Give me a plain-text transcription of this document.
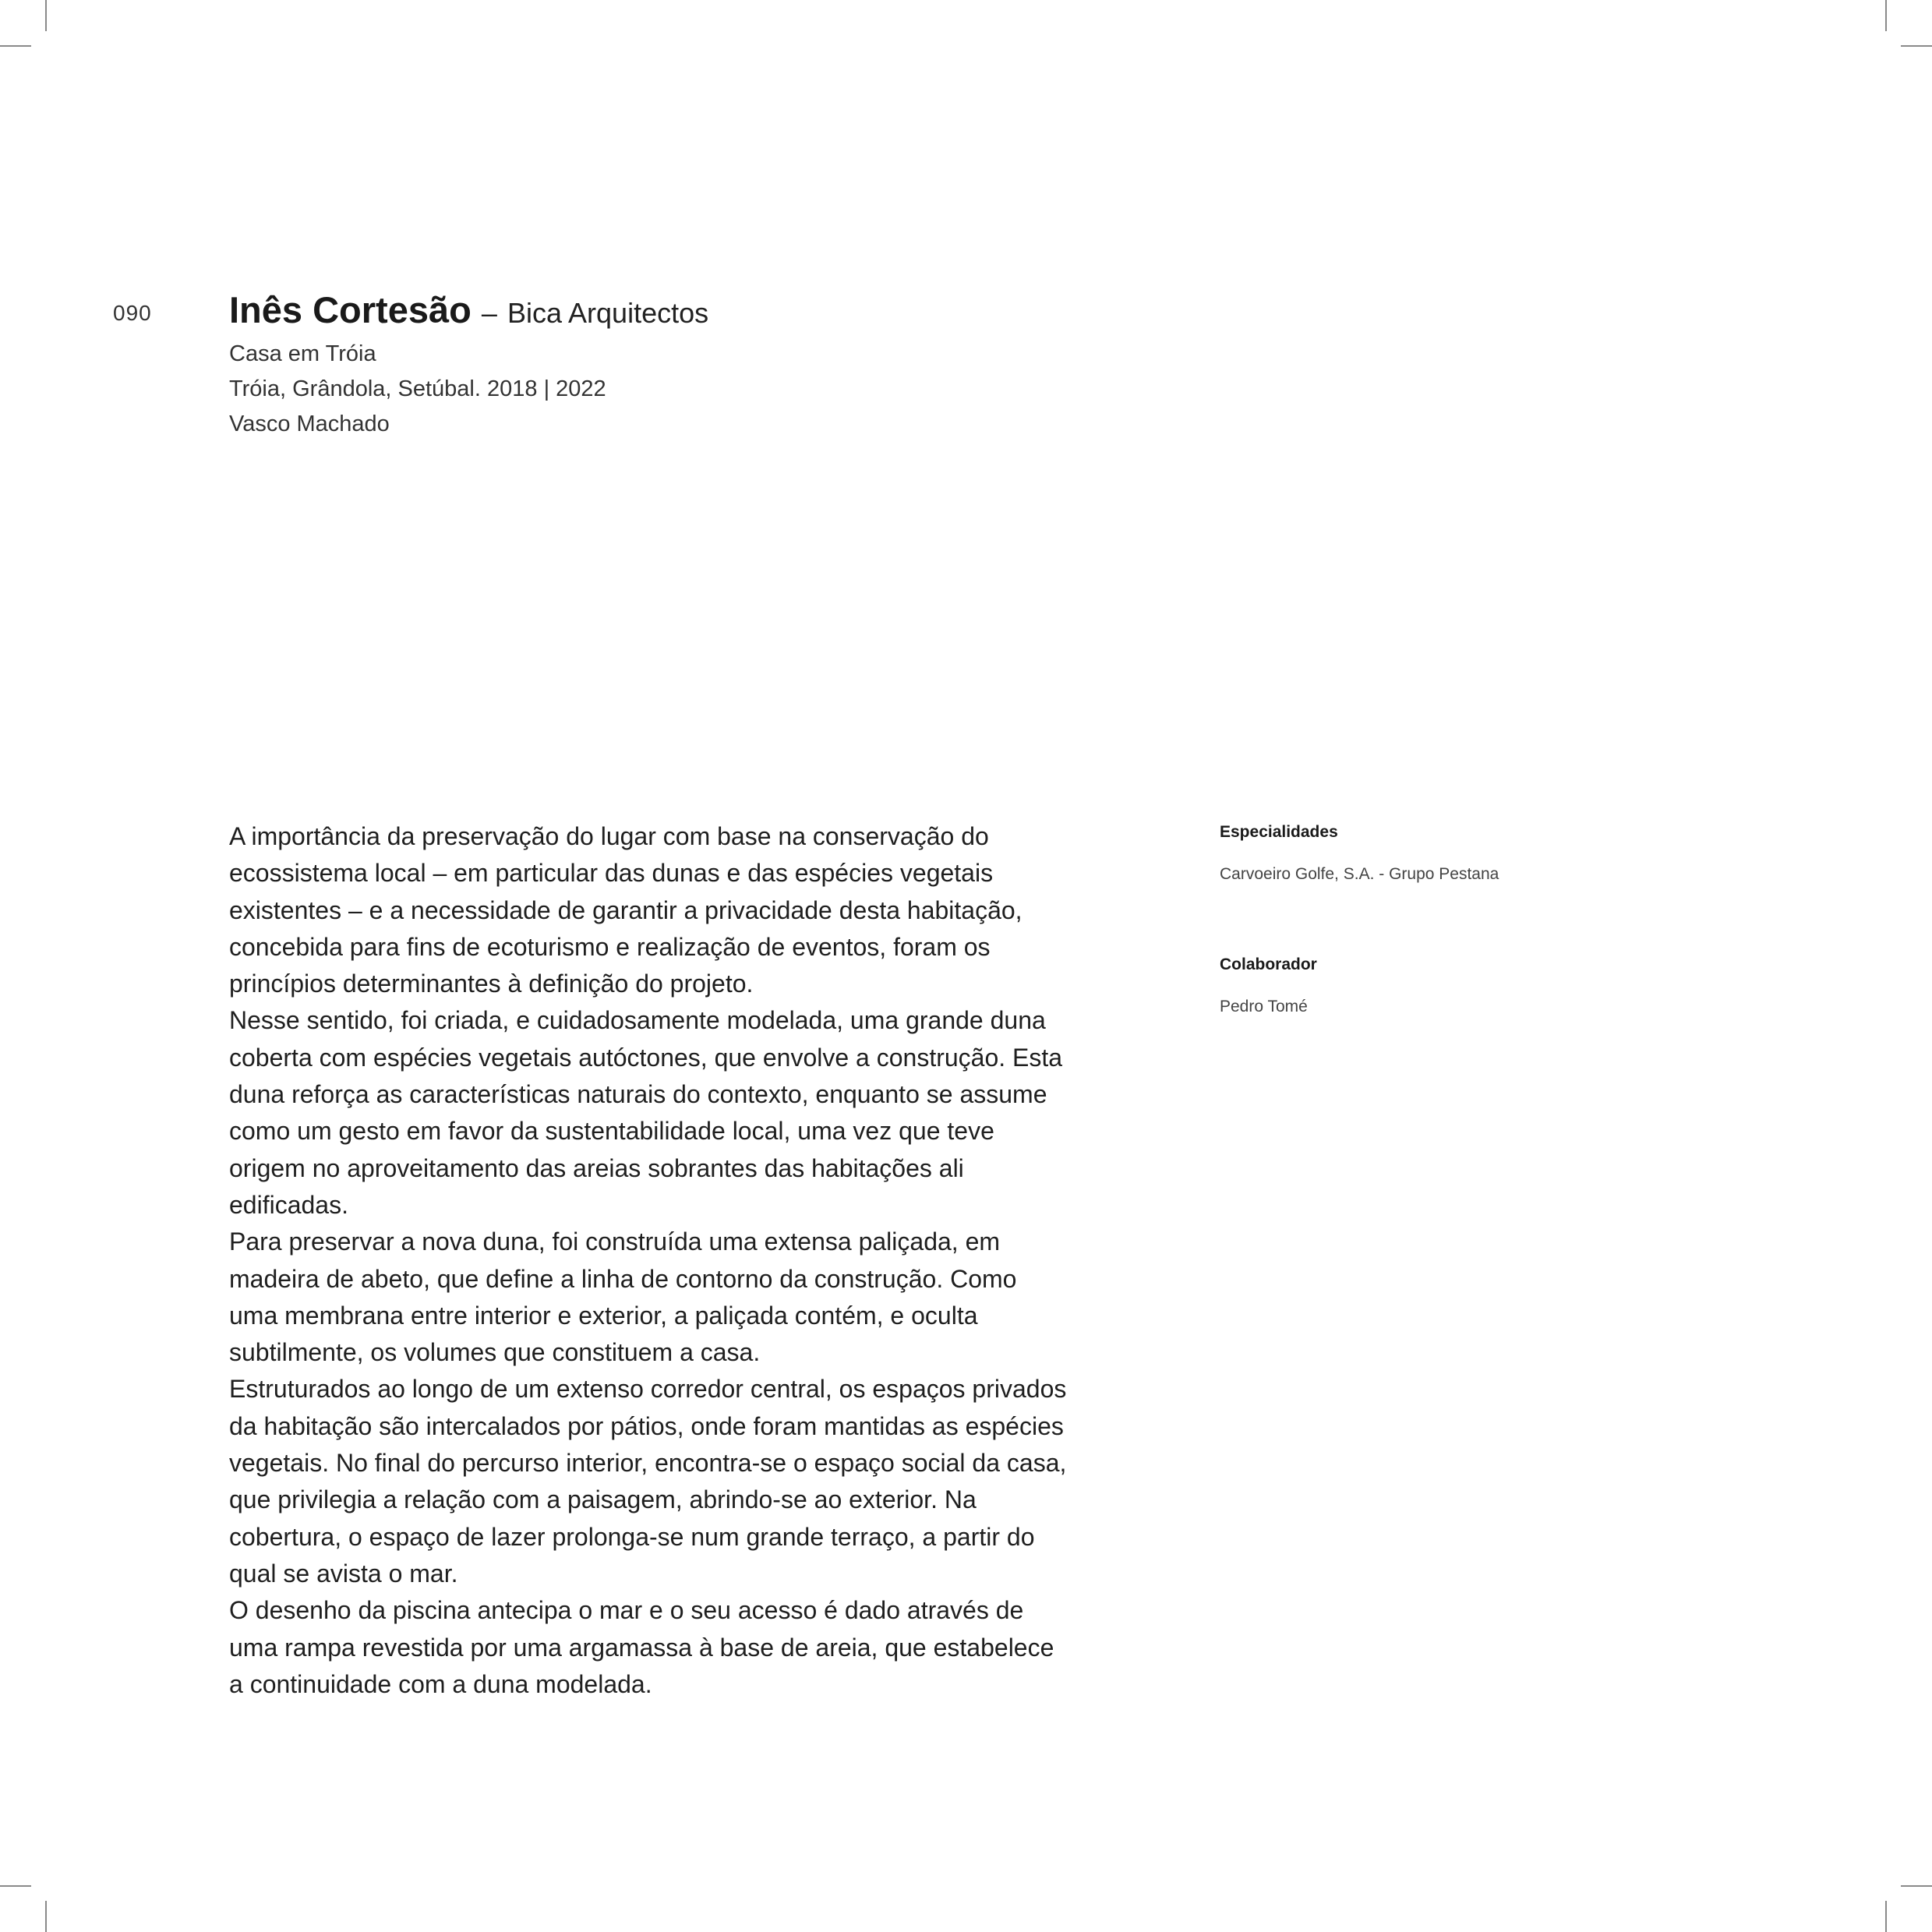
090 Inês Cortesão – Bica Arquitectos

Casa em Tróia

Tróia, Grândola, Setúbal. 2018 | 2022

Vasco Machado

A importância da preservação do lugar com base na conservação do ecossistema local – em particular das dunas e das espécies vegetais existentes – e a necessidade de garantir a privacidade desta habitação, concebida para fins de ecoturismo e realização de eventos, foram os princípios determinantes à definição do projeto.

Nesse sentido, foi criada, e cuidadosamente modelada, uma grande duna coberta com espécies vegetais autóctones, que envolve a construção. Esta duna reforça as características naturais do contexto, enquanto se assume como um gesto em favor da sustentabilidade local, uma vez que teve origem no aproveitamento das areias sobrantes das habitações ali edificadas.

Para preservar a nova duna, foi construída uma extensa paliçada, em madeira de abeto, que define a linha de contorno da construção. Como uma membrana entre interior e exterior, a paliçada contém, e oculta subtilmente, os volumes que constituem a casa.

Estruturados ao longo de um extenso corredor central, os espaços privados da habitação são intercalados por pátios, onde foram mantidas as espécies vegetais. No final do percurso interior, encontra-se o espaço social da casa, que privilegia a relação com a paisagem, abrindo-se ao exterior. Na cobertura, o espaço de lazer prolonga-se num grande terraço, a partir do qual se avista o mar.

O desenho da piscina antecipa o mar e o seu acesso é dado através de uma rampa revestida por uma argamassa à base de areia, que estabelece a continuidade com a duna modelada.

Especialidades

Carvoeiro Golfe, S.A. - Grupo Pestana

Colaborador

Pedro Tomé
